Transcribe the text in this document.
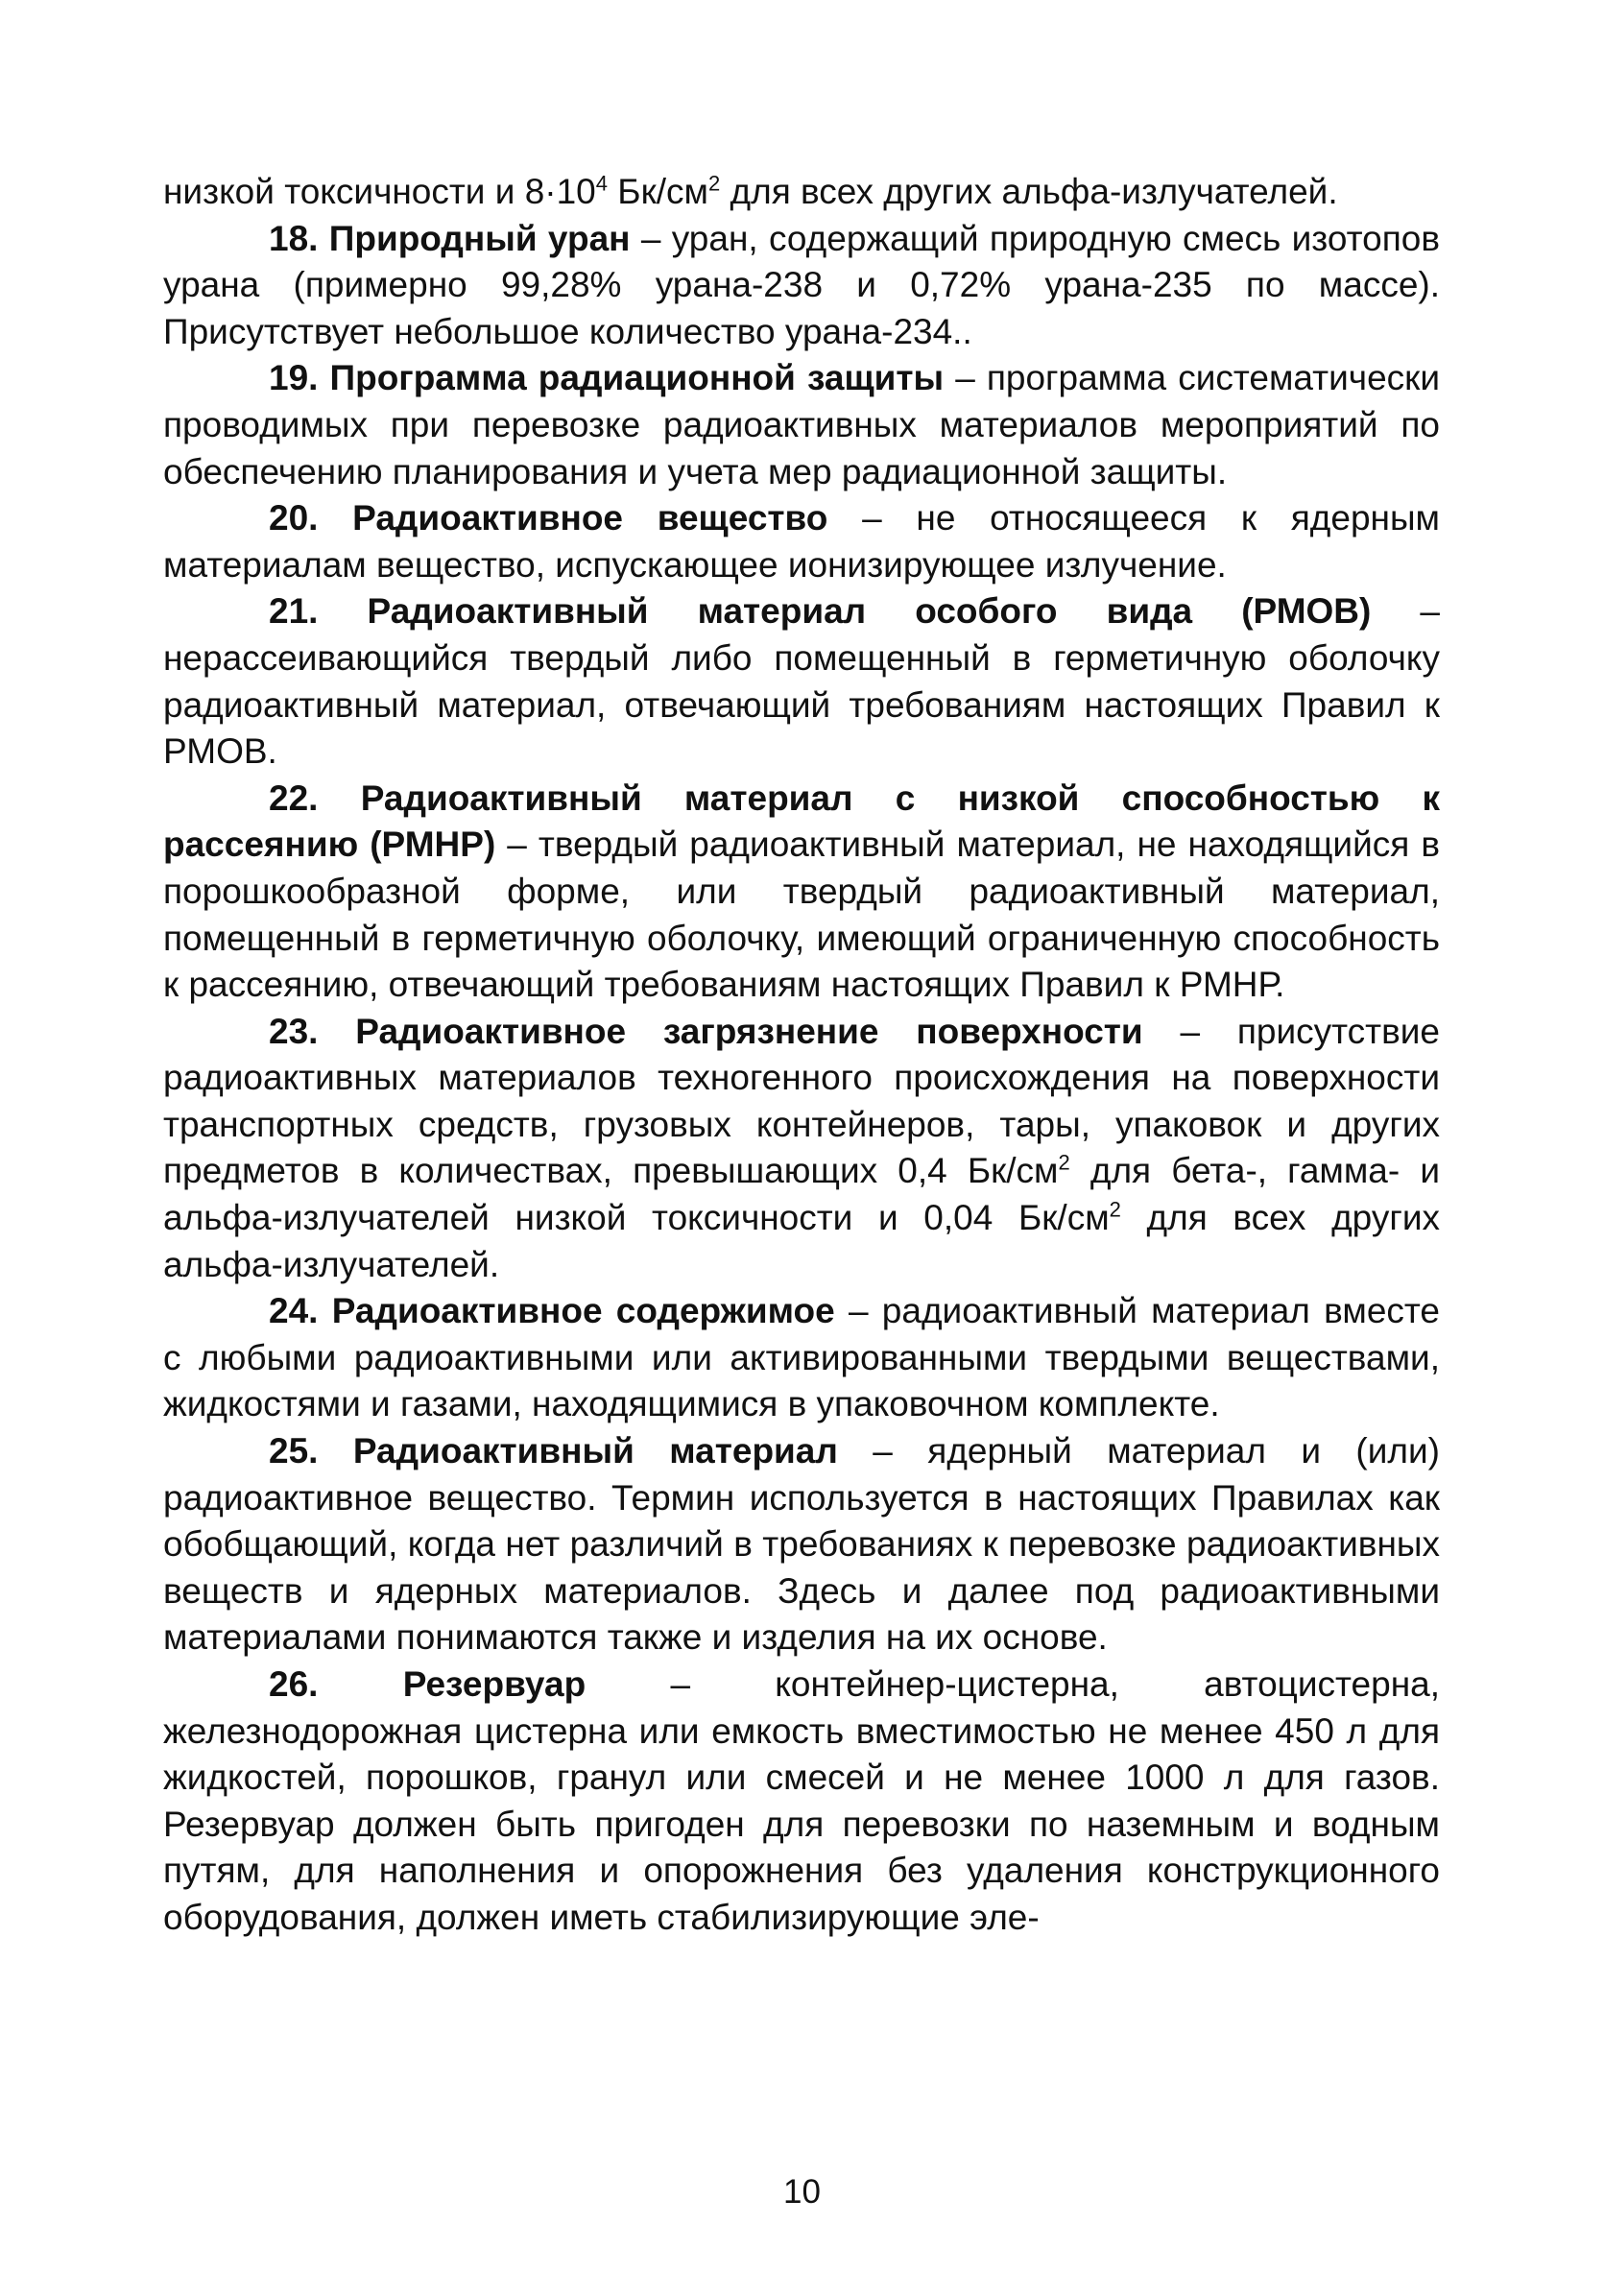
низкой токсичности и $8\cdot 10^4$ $Бк/см^2$ для всех других альфа-излучателей.

18. Природный уран – уран, содержащий природную смесь изотопов урана (примерно 99,28% урана-238 и 0,72% урана-235 по массе). Присутствует небольшое количество урана-234..

19. Программа радиационной защиты – программа систематически проводимых при перевозке радиоактивных материалов мероприятий по обеспечению планирования и учета мер радиационной защиты.

20. Радиоактивное вещество – не относящееся к ядерным материалам вещество, испускающее ионизирующее излучение.

21. Радиоактивный материал особого вида (РМОВ) – нерассеивающийся твердый либо помещенный в герметичную оболочку радиоактивный материал, отвечающий требованиям настоящих Правил к РМОВ.

22. Радиоактивный материал с низкой способностью к рассеянию (РМНР) – твердый радиоактивный материал, не находящийся в порошкообразной форме, или твердый радиоактивный материал, помещенный в герметичную оболочку, имеющий ограниченную способность к рассеянию, отвечающий требованиям настоящих Правил к РМНР.

23. Радиоактивное загрязнение поверхности – присутствие радиоактивных материалов техногенного происхождения на поверхности транспортных средств, грузовых контейнеров, тары, упаковок и других предметов в количествах, превышающих 0,4 $Бк/см^2$ для бета-, гамма- и альфа-излучателей низкой токсичности и 0,04 $Бк/см^2$ для всех других альфа-излучателей.

24. Радиоактивное содержимое – радиоактивный материал вместе с любыми радиоактивными или активированными твердыми веществами, жидкостями и газами, находящимися в упаковочном комплекте.

25. Радиоактивный материал – ядерный материал и (или) радиоактивное вещество. Термин используется в настоящих Правилах как обобщающий, когда нет различий в требованиях к перевозке радиоактивных веществ и ядерных материалов. Здесь и далее под радиоактивными материалами понимаются также и изделия на их основе.

26. Резервуар – контейнер-цистерна, автоцистерна, железнодорожная цистерна или емкость вместимостью не менее 450 л для жидкостей, порошков, гранул или смесей и не менее 1000 л для газов. Резервуар должен быть пригоден для перевозки по наземным и водным путям, для наполнения и опорожнения без удаления конструкционного оборудования, должен иметь стабилизирующие эле-

10
